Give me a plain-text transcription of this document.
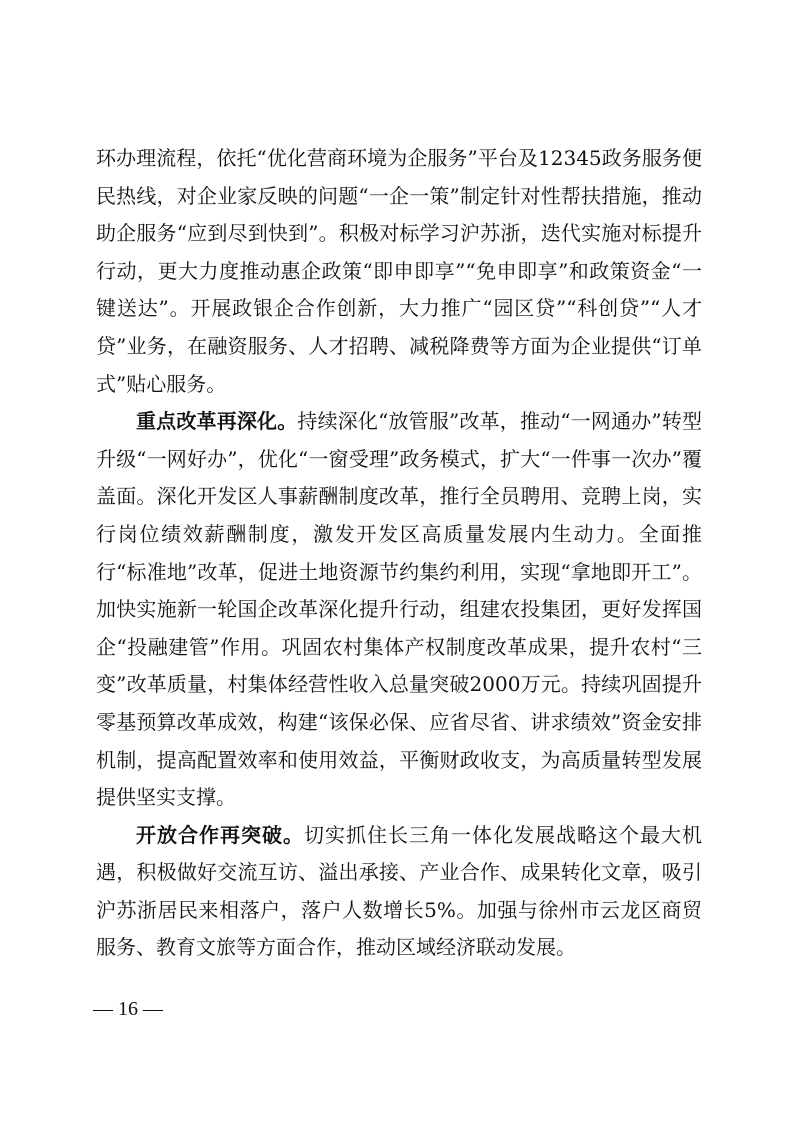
环办理流程，依托“优化营商环境为企服务”平台及12345政务服务便民热线，对企业家反映的问题“一企一策”制定针对性帮扶措施，推动助企服务“应到尽到快到”。积极对标学习沪苏浙，迭代实施对标提升行动，更大力度推动惠企政策“即申即享”“免申即享”和政策资金“一键送达”。开展政银企合作创新，大力推广“园区贷”“科创贷”“人才贷”业务，在融资服务、人才招聘、减税降费等方面为企业提供“订单式”贴心服务。

重点改革再深化。持续深化“放管服”改革，推动“一网通办”转型升级“一网好办”，优化“一窗受理”政务模式，扩大“一件事一次办”覆盖面。深化开发区人事薪酬制度改革，推行全员聘用、竞聘上岗，实行岗位绩效薪酬制度，激发开发区高质量发展内生动力。全面推行“标准地”改革，促进土地资源节约集约利用，实现“拿地即开工”。加快实施新一轮国企改革深化提升行动，组建农投集团，更好发挥国企“投融建管”作用。巩固农村集体产权制度改革成果，提升农村“三变”改革质量，村集体经营性收入总量突破2000万元。持续巩固提升零基预算改革成效，构建“该保必保、应省尽省、讲求绩效”资金安排机制，提高配置效率和使用效益，平衡财政收支，为高质量转型发展提供坚实支撑。

开放合作再突破。切实抓住长三角一体化发展战略这个最大机遇，积极做好交流互访、溢出承接、产业合作、成果转化文章，吸引沪苏浙居民来相落户，落户人数增长5%。加强与徐州市云龙区商贸服务、教育文旅等方面合作，推动区域经济联动发展。

— 16 —
